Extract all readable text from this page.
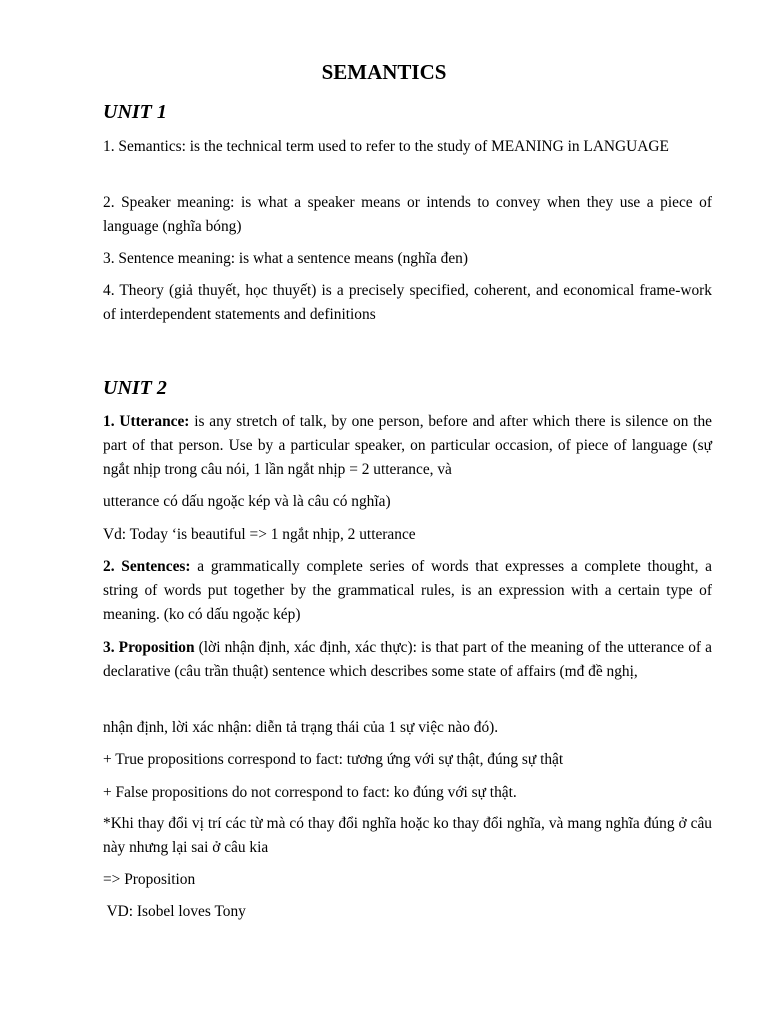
SEMANTICS
UNIT 1

1. Semantics: is the technical term used to refer to the study of MEANING in LANGUAGE

2. Speaker meaning: is what a speaker means or intends to convey when they use a piece of language (nghĩa bóng)

3. Sentence meaning: is what a sentence means (nghĩa đen)

4. Theory (giả thuyết, học thuyết) is a precisely specified, coherent, and economical frame-work of interdependent statements and definitions

UNIT 2

1. Utterance: is any stretch of talk, by one person, before and after which there is silence on the part of that person. Use by a particular speaker, on particular occasion, of piece of language (sự ngắt nhịp trong câu nói, 1 lần ngắt nhịp = 2 utterance, và

utterance có dấu ngoặc kép và là câu có nghĩa)

Vd: Today ‘is beautiful => 1 ngắt nhịp, 2 utterance

2. Sentences: a grammatically complete series of words that expresses a complete thought, a string of words put together by the grammatical rules, is an expression with a certain type of meaning. (ko có dấu ngoặc kép)

3. Proposition (lời nhận định, xác định, xác thực): is that part of the meaning of the utterance of a declarative (câu trần thuật) sentence which describes some state of affairs (mđ đề nghị,

nhận định, lời xác nhận: diễn tả trạng thái của 1 sự việc nào đó).

+ True propositions correspond to fact: tương ứng với sự thật, đúng sự thật

+ False propositions do not correspond to fact: ko đúng với sự thật.

*Khi thay đổi vị trí các từ mà có thay đổi nghĩa hoặc ko thay đổi nghĩa, và mang nghĩa đúng ở câu này nhưng lại sai ở câu kia

=> Proposition

VD: Isobel loves Tony
